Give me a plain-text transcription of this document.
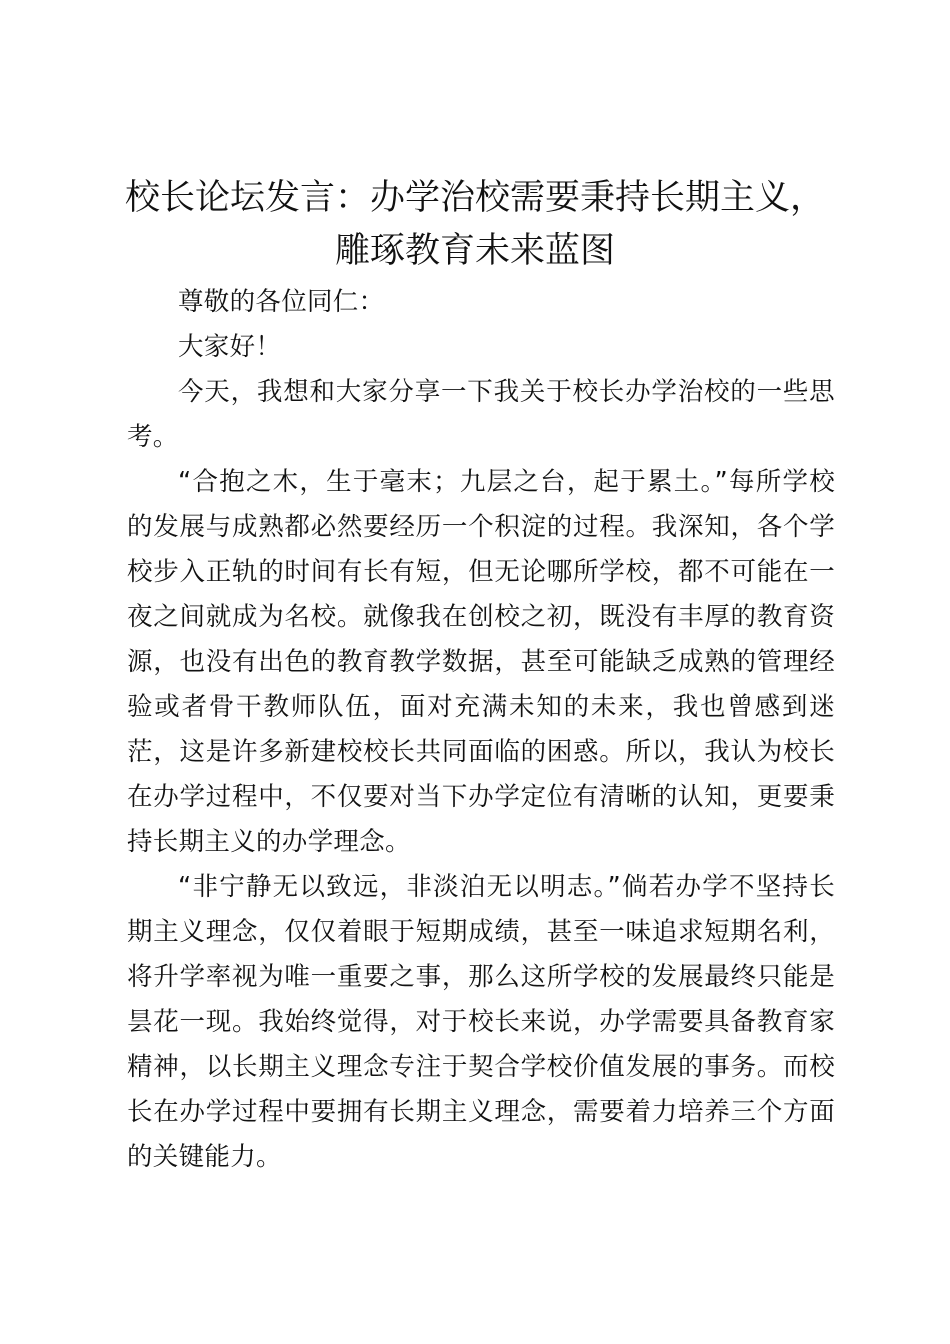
校长论坛发言：办学治校需要秉持长期主义，雕琢教育未来蓝图

尊敬的各位同仁：

大家好！

今天，我想和大家分享一下我关于校长办学治校的一些思考。

“合抱之木，生于毫末；九层之台，起于累土。”每所学校的发展与成熟都必然要经历一个积淀的过程。我深知，各个学校步入正轨的时间有长有短，但无论哪所学校，都不可能在一夜之间就成为名校。就像我在创校之初，既没有丰厚的教育资源，也没有出色的教育教学数据，甚至可能缺乏成熟的管理经验或者骨干教师队伍，面对充满未知的未来，我也曾感到迷茫，这是许多新建校校长共同面临的困惑。所以，我认为校长在办学过程中，不仅要对当下办学定位有清晰的认知，更要秉持长期主义的办学理念。

“非宁静无以致远，非淡泊无以明志。”倘若办学不坚持长期主义理念，仅仅着眼于短期成绩，甚至一味追求短期名利，将升学率视为唯一重要之事，那么这所学校的发展最终只能是昙花一现。我始终觉得，对于校长来说，办学需要具备教育家精神，以长期主义理念专注于契合学校价值发展的事务。而校长在办学过程中要拥有长期主义理念，需要着力培养三个方面的关键能力。
